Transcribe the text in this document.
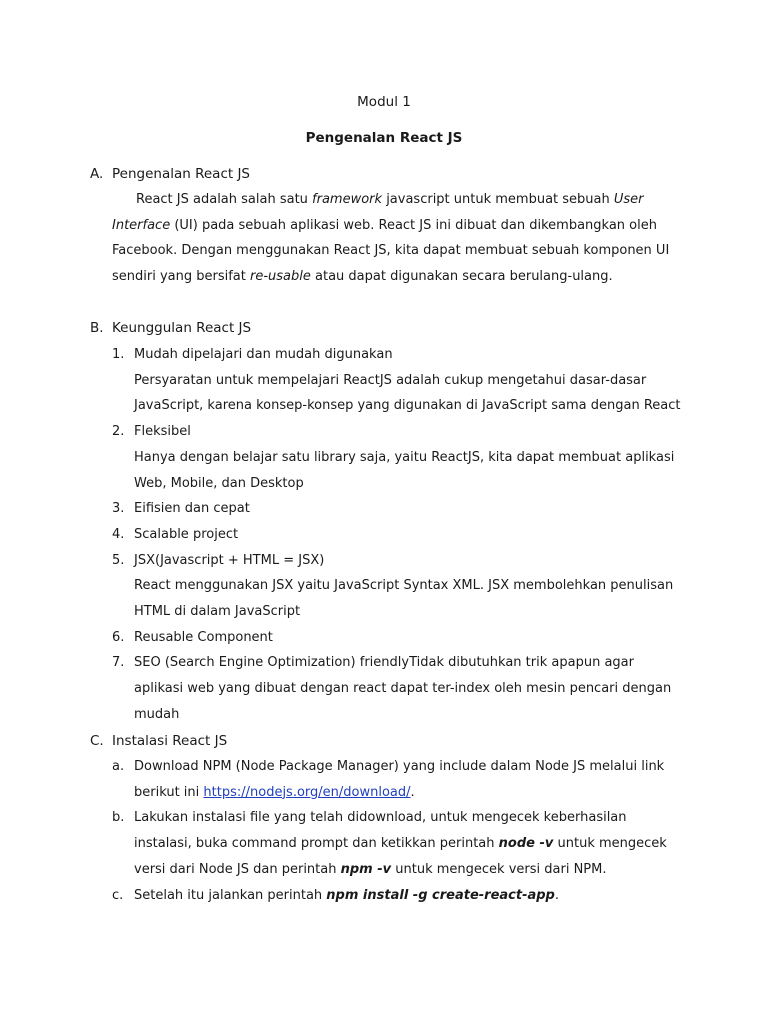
Modul 1
Pengenalan React JS
A. Pengenalan React JS

React JS adalah salah satu framework javascript untuk membuat sebuah User Interface (UI) pada sebuah aplikasi web. React JS ini dibuat dan dikembangkan oleh Facebook. Dengan menggunakan React JS, kita dapat membuat sebuah komponen UI sendiri yang bersifat re-usable atau dapat digunakan secara berulang-ulang.

B. Keunggulan React JS
1. Mudah dipelajari dan mudah digunakan
Persyaratan untuk mempelajari ReactJS adalah cukup mengetahui dasar-dasar JavaScript, karena konsep-konsep yang digunakan di JavaScript sama dengan React
2. Fleksibel
Hanya dengan belajar satu library saja, yaitu ReactJS, kita dapat membuat aplikasi Web, Mobile, dan Desktop
3. Eifisien dan cepat
4. Scalable project
5. JSX(Javascript + HTML = JSX)
React menggunakan JSX yaitu JavaScript Syntax XML. JSX membolehkan penulisan HTML di dalam JavaScript
6. Reusable Component
7. SEO (Search Engine Optimization) friendlyTidak dibutuhkan trik apapun agar aplikasi web yang dibuat dengan react dapat ter-index oleh mesin pencari dengan mudah
C. Instalasi React JS
a. Download NPM (Node Package Manager) yang include dalam Node JS melalui link berikut ini https://nodejs.org/en/download/.
b. Lakukan instalasi file yang telah didownload, untuk mengecek keberhasilan instalasi, buka command prompt dan ketikkan perintah node -v untuk mengecek versi dari Node JS dan perintah npm -v untuk mengecek versi dari NPM.
c. Setelah itu jalankan perintah npm install -g create-react-app.
